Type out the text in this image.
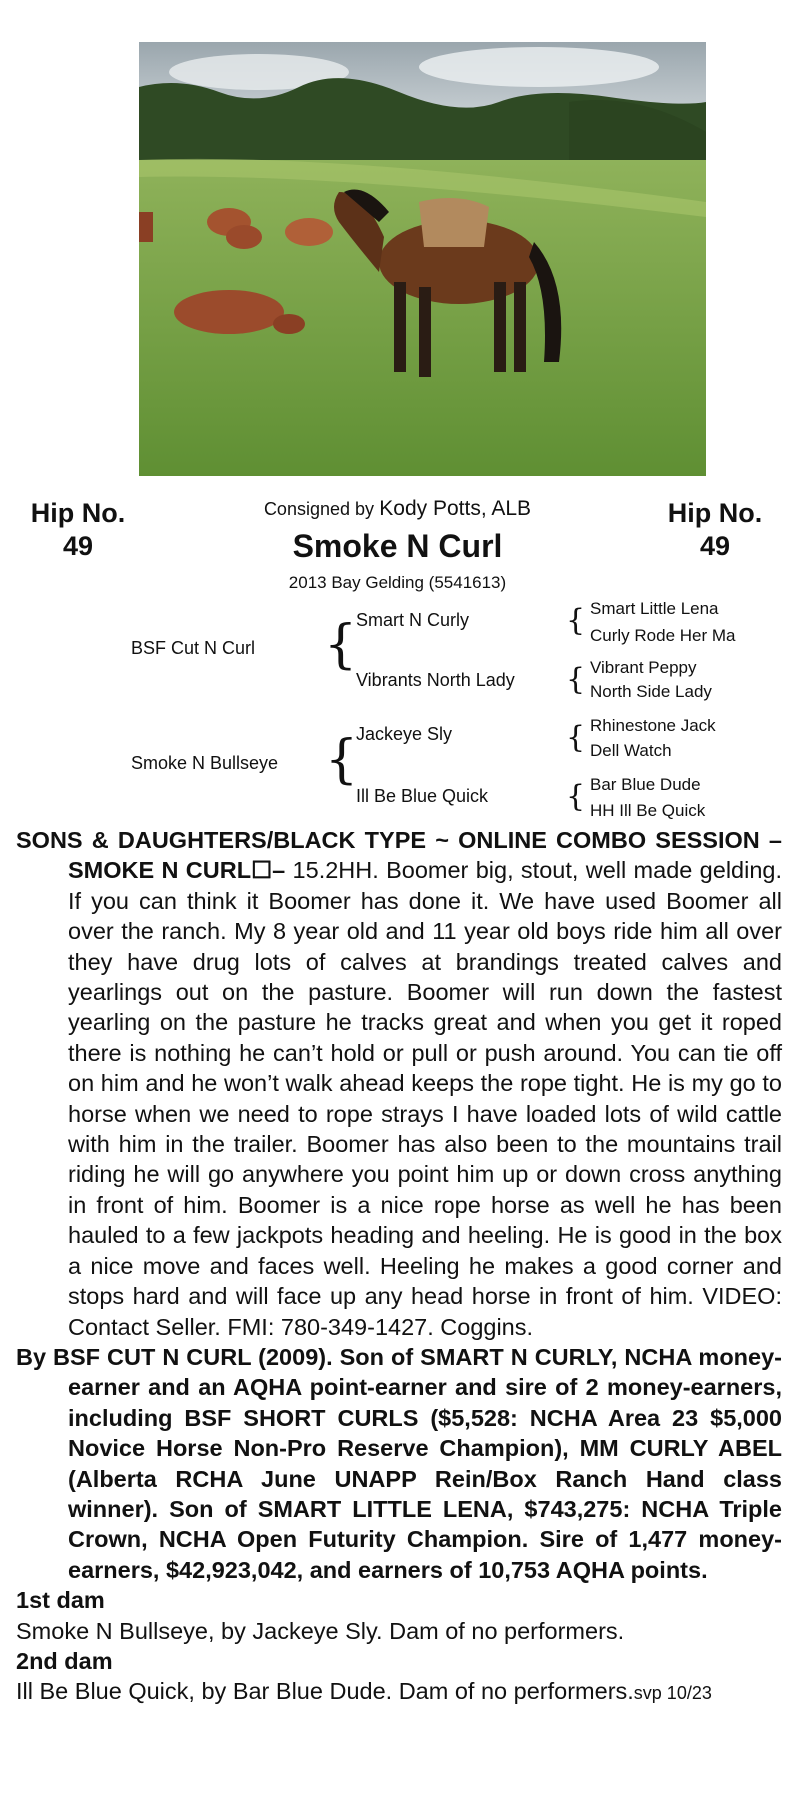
Hip No.
49
Hip No.
49
Consigned by Kody Potts, ALB
Smoke N Curl
2013 Bay Gelding (5541613)
BSF Cut N Curl {
Smart N Curly
Vibrants North Lady
{ Smart Little Lena
Curly Rode Her Ma
{ Vibrant Peppy
North Side Lady
Smoke N Bullseye {
Jackeye Sly
Ill Be Blue Quick
{ Rhinestone Jack
Dell Watch
{ Bar Blue Dude
HH Ill Be Quick

SONS & DAUGHTERS/BLACK TYPE ~ ONLINE COMBO SESSION – SMOKE N CURL☐– 15.2HH. Boomer big, stout, well made gelding. If you can think it Boomer has done it. We have used Boomer all over the ranch. My 8 year old and 11 year old boys ride him all over they have drug lots of calves at brandings treated calves and yearlings out on the pasture. Boomer will run down the fastest yearling on the pasture he tracks great and when you get it roped there is nothing he can’t hold or pull or push around. You can tie off on him and he won’t walk ahead keeps the rope tight. He is my go to horse when we need to rope strays I have loaded lots of wild cattle with him in the trailer. Boomer has also been to the mountains trail riding he will go anywhere you point him up or down cross anything in front of him. Boomer is a nice rope horse as well he has been hauled to a few jackpots heading and heeling. He is good in the box a nice move and faces well. Heeling he makes a good corner and stops hard and will face up any head horse in front of him. VIDEO: Contact Seller. FMI: 780-349-1427. Coggins.

By BSF CUT N CURL (2009). Son of SMART N CURLY, NCHA money-earner and an AQHA point-earner and sire of 2 money-earners, including BSF SHORT CURLS ($5,528: NCHA Area 23 $5,000 Novice Horse Non-Pro Reserve Champion), MM CURLY ABEL (Alberta RCHA June UNAPP Rein/Box Ranch Hand class winner). Son of SMART LITTLE LENA, $743,275: NCHA Triple Crown, NCHA Open Futurity Champion. Sire of 1,477 money-earners, $42,923,042, and earners of 10,753 AQHA points.

1st dam

Smoke N Bullseye, by Jackeye Sly. Dam of no performers.

2nd dam

Ill Be Blue Quick, by Bar Blue Dude. Dam of no performers.svp 10/23
